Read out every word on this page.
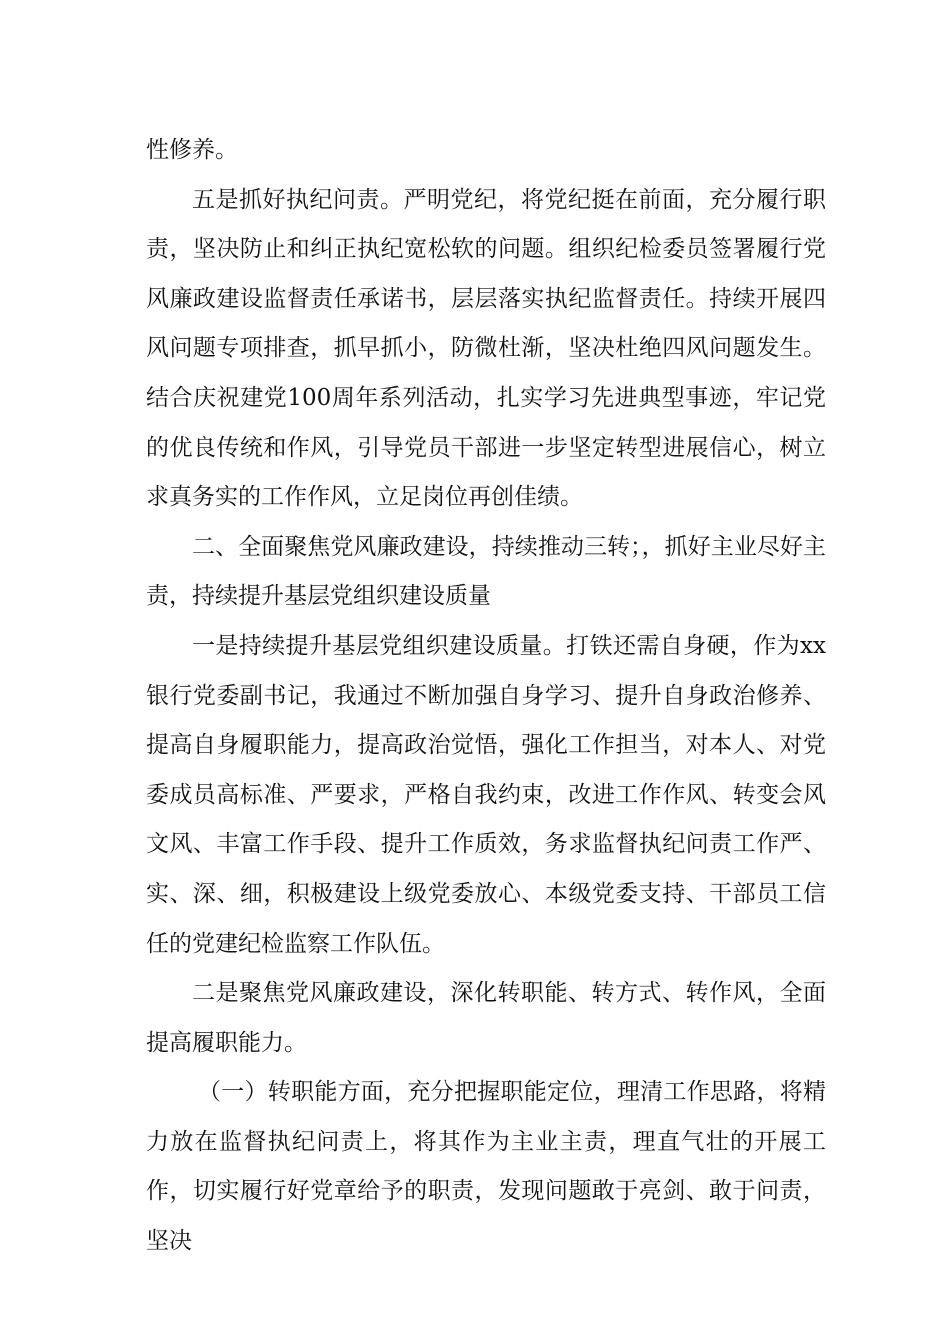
性修养。

五是抓好执纪问责。严明党纪，将党纪挺在前面，充分履行职责，坚决防止和纠正执纪宽松软的问题。组织纪检委员签署履行党风廉政建设监督责任承诺书，层层落实执纪监督责任。持续开展四风问题专项排查，抓早抓小，防微杜渐，坚决杜绝四风问题发生。结合庆祝建党100周年系列活动，扎实学习先进典型事迹，牢记党的优良传统和作风，引导党员干部进一步坚定转型进展信心，树立求真务实的工作作风，立足岗位再创佳绩。

二、全面聚焦党风廉政建设，持续推动三转；，抓好主业尽好主责，持续提升基层党组织建设质量

一是持续提升基层党组织建设质量。打铁还需自身硬，作为xx银行党委副书记，我通过不断加强自身学习、提升自身政治修养、提高自身履职能力，提高政治觉悟，强化工作担当，对本人、对党委成员高标准、严要求，严格自我约束，改进工作作风、转变会风文风、丰富工作手段、提升工作质效，务求监督执纪问责工作严、实、深、细，积极建设上级党委放心、本级党委支持、干部员工信任的党建纪检监察工作队伍。

二是聚焦党风廉政建设，深化转职能、转方式、转作风，全面提高履职能力。

（一）转职能方面，充分把握职能定位，理清工作思路，将精力放在监督执纪问责上，将其作为主业主责，理直气壮的开展工作，切实履行好党章给予的职责，发现问题敢于亮剑、敢于问责，坚决
